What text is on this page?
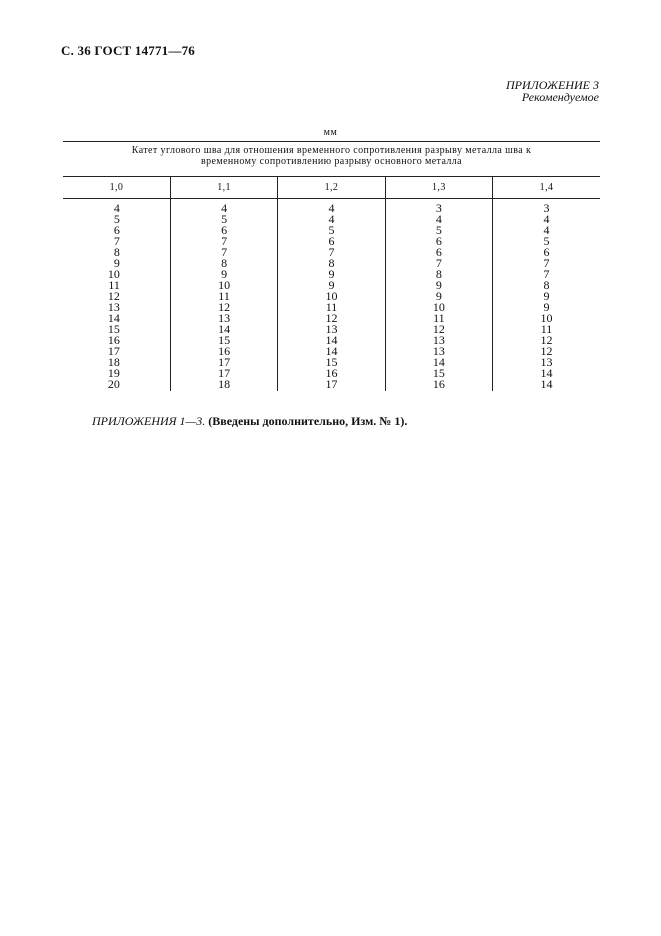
С. 36 ГОСТ 14771—76
ПРИЛОЖЕНИЕ 3
Рекомендуемое
мм
Катет углового шва для отношения временного сопротивления разрыву металла шва к временному сопротивлению разрыву основного металла				
1,0	1,1	1,2	1,3	1,4
4	4	4	3	3
5	5	4	4	4
6	6	5	5	4
7	7	6	6	5
8	7	7	6	6
9	8	8	7	7
10	9	9	8	7
11	10	9	9	8
12	11	10	9	9
13	12	11	10	9
14	13	12	11	10
15	14	13	12	11
16	15	14	13	12
17	16	14	13	12
18	17	15	14	13
19	17	16	15	14
20	18	17	16	14
ПРИЛОЖЕНИЯ 1—3. (Введены дополнительно, Изм. № 1).
